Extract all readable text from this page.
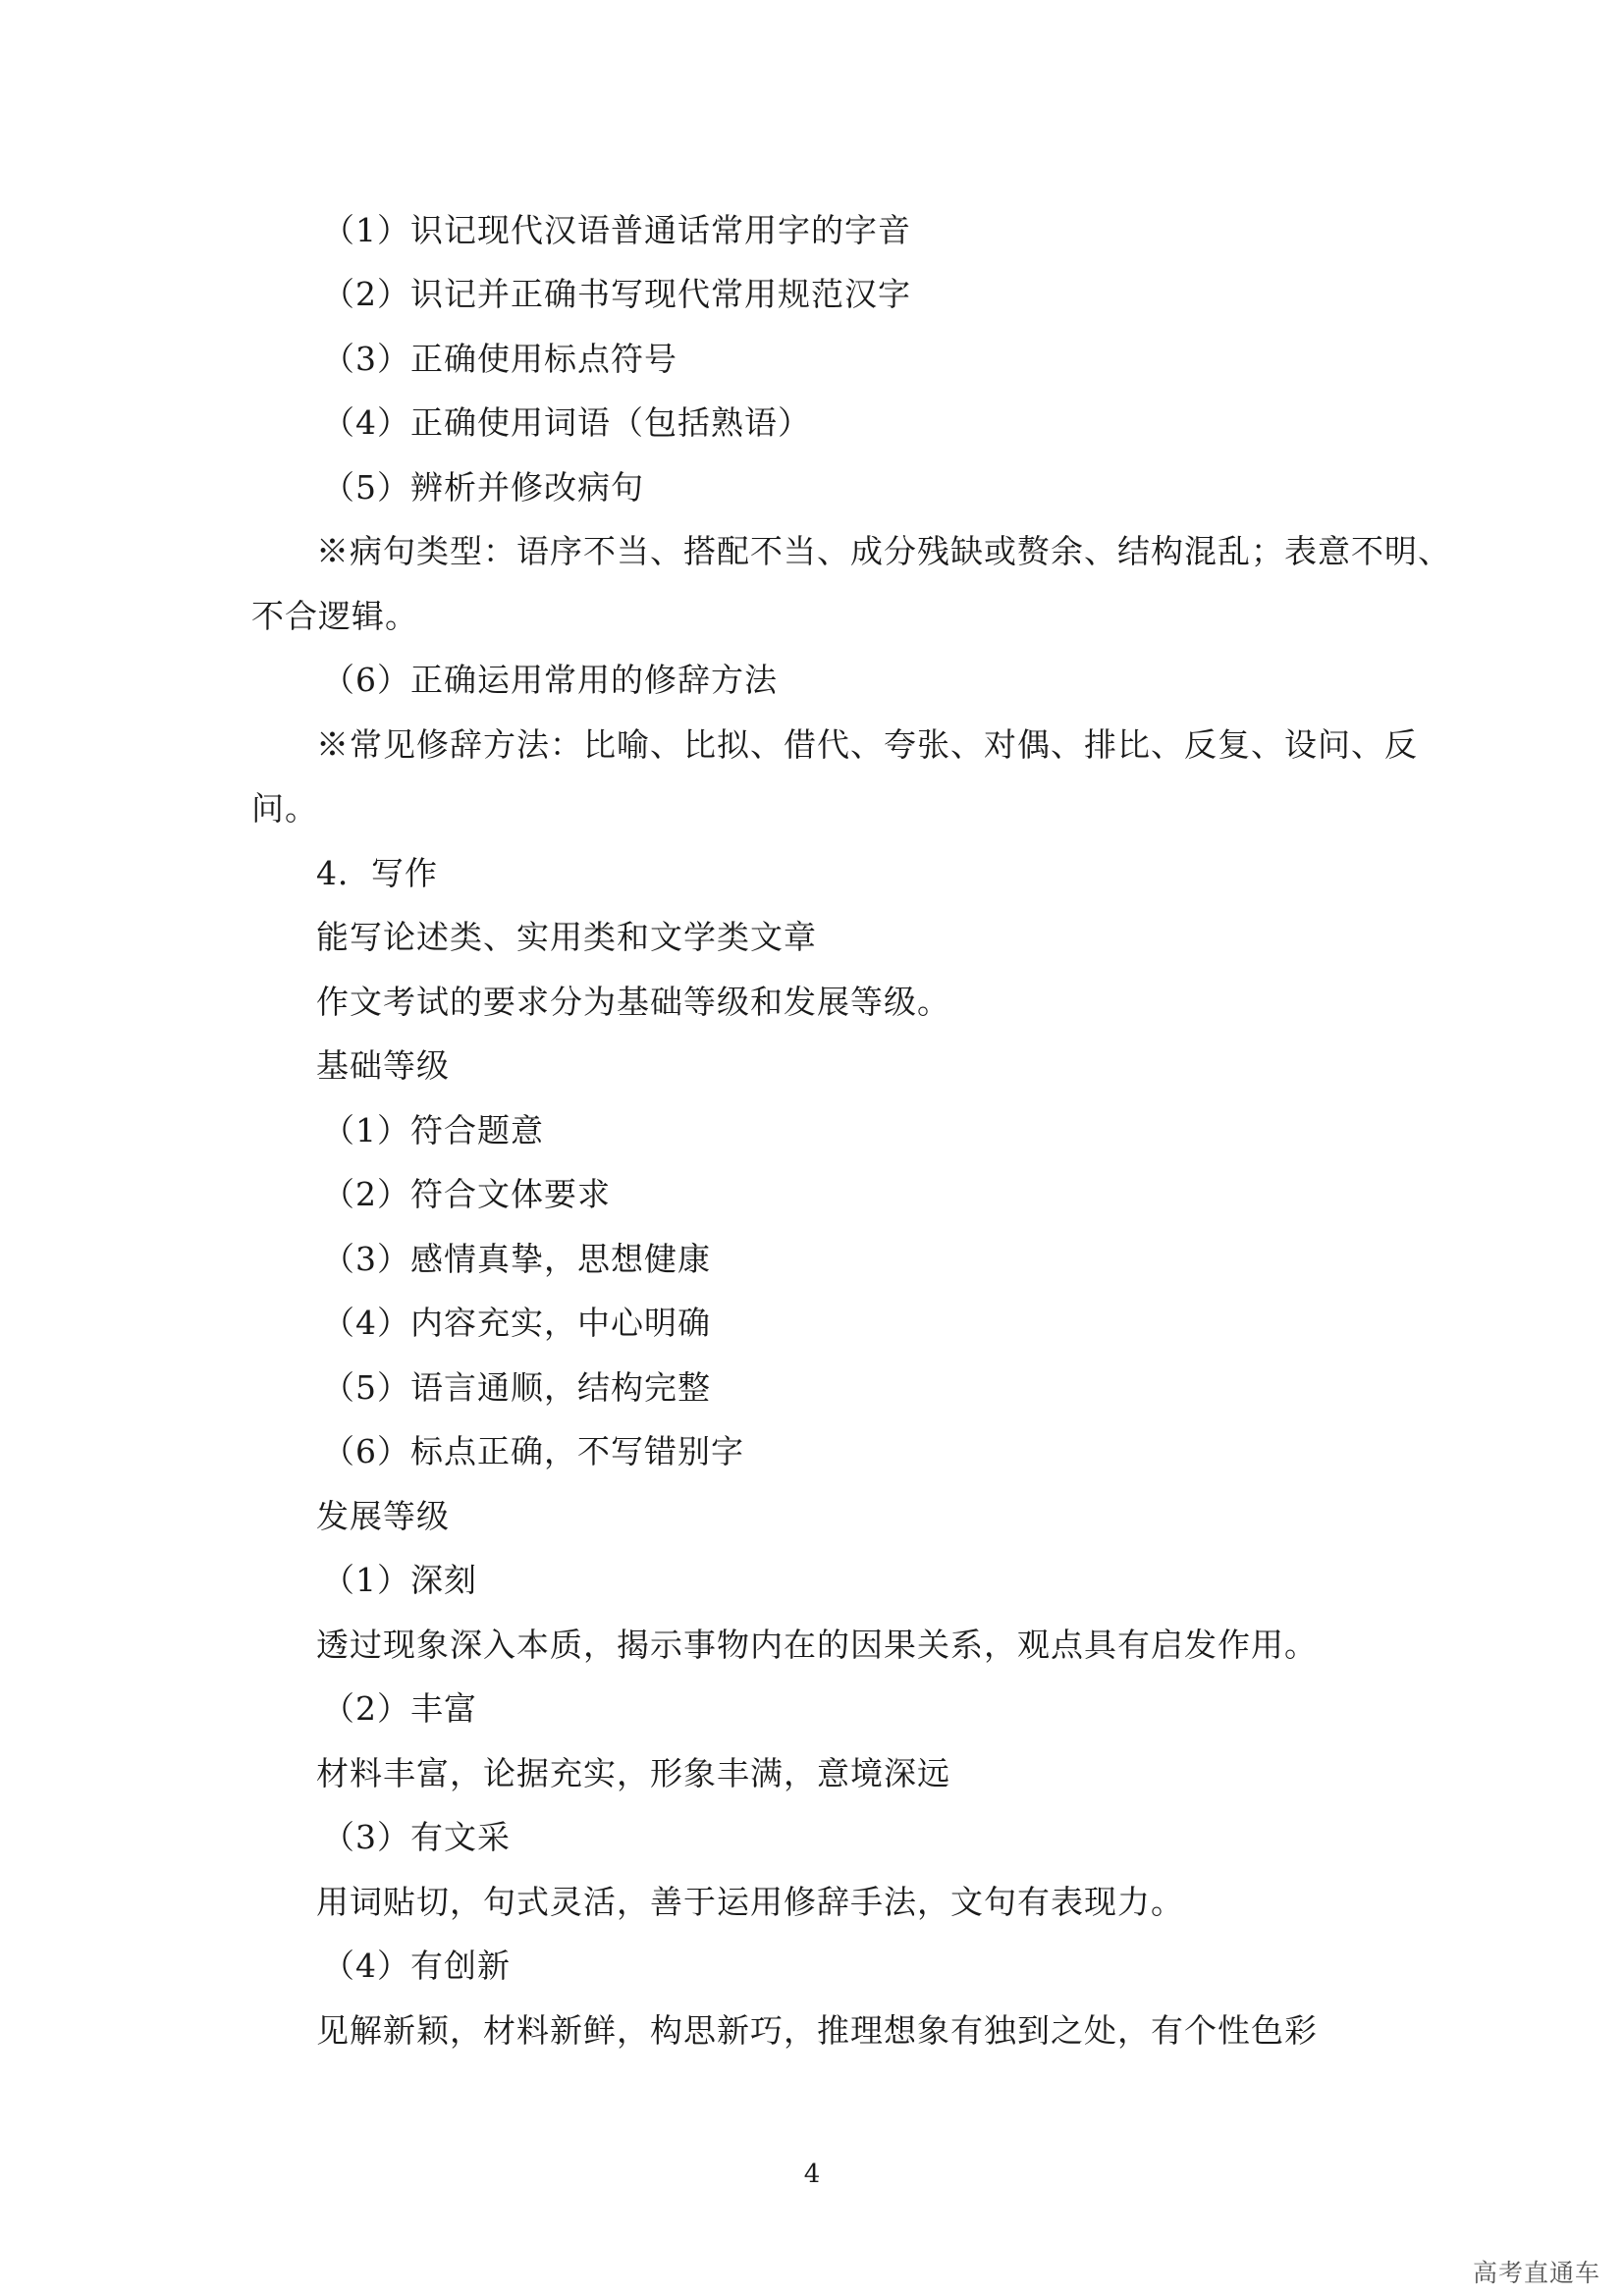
（1）识记现代汉语普通话常用字的字音
（2）识记并正确书写现代常用规范汉字
（3）正确使用标点符号
（4）正确使用词语（包括熟语）
（5）辨析并修改病句
※病句类型：语序不当、搭配不当、成分残缺或赘余、结构混乱；表意不明、
不合逻辑。
（6）正确运用常用的修辞方法
※常见修辞方法：比喻、比拟、借代、夸张、对偶、排比、反复、设问、反
问。
4．写作
能写论述类、实用类和文学类文章
作文考试的要求分为基础等级和发展等级。
基础等级
（1）符合题意
（2）符合文体要求
（3）感情真挚，思想健康
（4）内容充实，中心明确
（5）语言通顺，结构完整
（6）标点正确，不写错别字
发展等级
（1）深刻
透过现象深入本质，揭示事物内在的因果关系，观点具有启发作用。
（2）丰富
材料丰富，论据充实，形象丰满，意境深远
（3）有文采
用词贴切，句式灵活，善于运用修辞手法，文句有表现力。
（4）有创新
见解新颖，材料新鲜，构思新巧，推理想象有独到之处，有个性色彩
4
高考直通车
